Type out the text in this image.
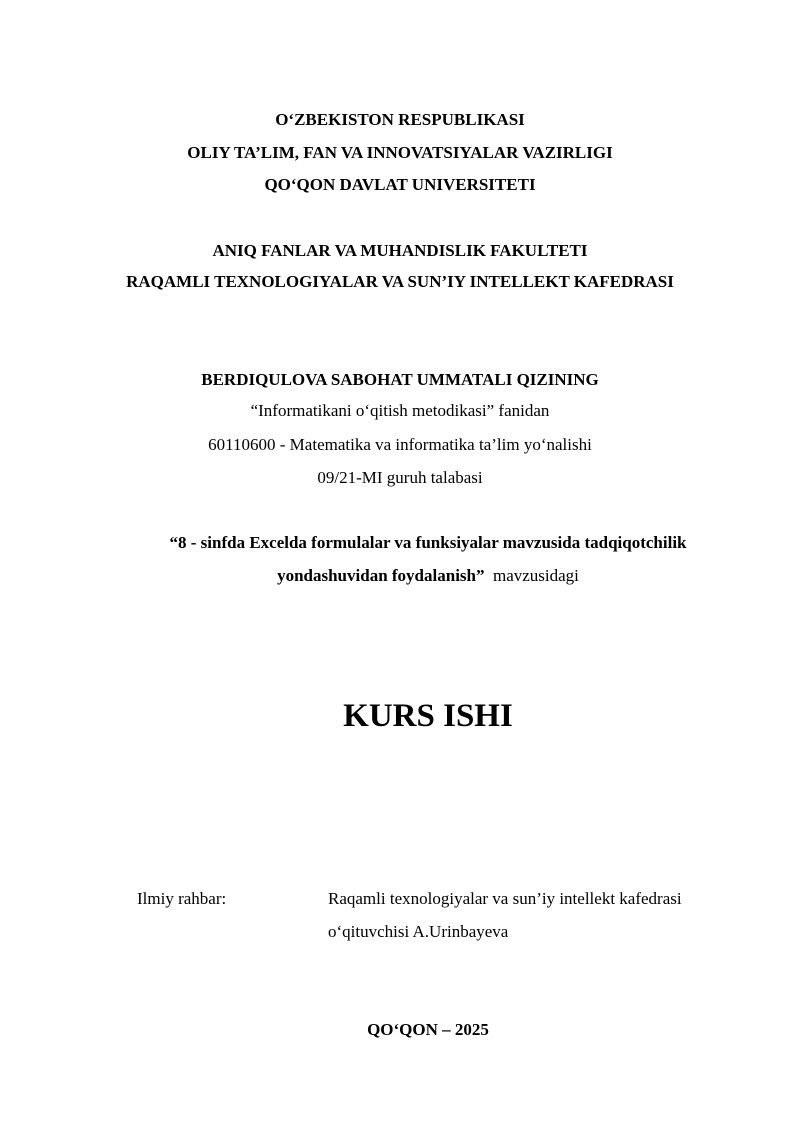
O‘ZBEKISTON RESPUBLIKASI
OLIY TA’LIM, FAN VA INNOVATSIYALAR VAZIRLIGI
QO‘QON DAVLAT UNIVERSITETI
ANIQ FANLAR VA MUHANDISLIK FAKULTETI
RAQAMLI TEXNOLOGIYALAR VA SUN’IY INTELLEKT KAFEDRASI
BERDIQULOVA SABOHAT UMMATALI QIZINING
“Informatikani o‘qitish metodikasi” fanidan
60110600 - Matematika va informatika ta’lim yo‘nalishi
09/21-MI guruh talabasi
“8 - sinfda Excelda formulalar va funksiyalar mavzusida tadqiqotchilik
yondashuvidan foydalanish”  mavzusidagi
KURS ISHI
Ilmiy rahbar:	Raqamli texnologiyalar va sun’iy intellekt kafedrasi
o‘qituvchisi A.Urinbayeva
QO‘QON – 2025
